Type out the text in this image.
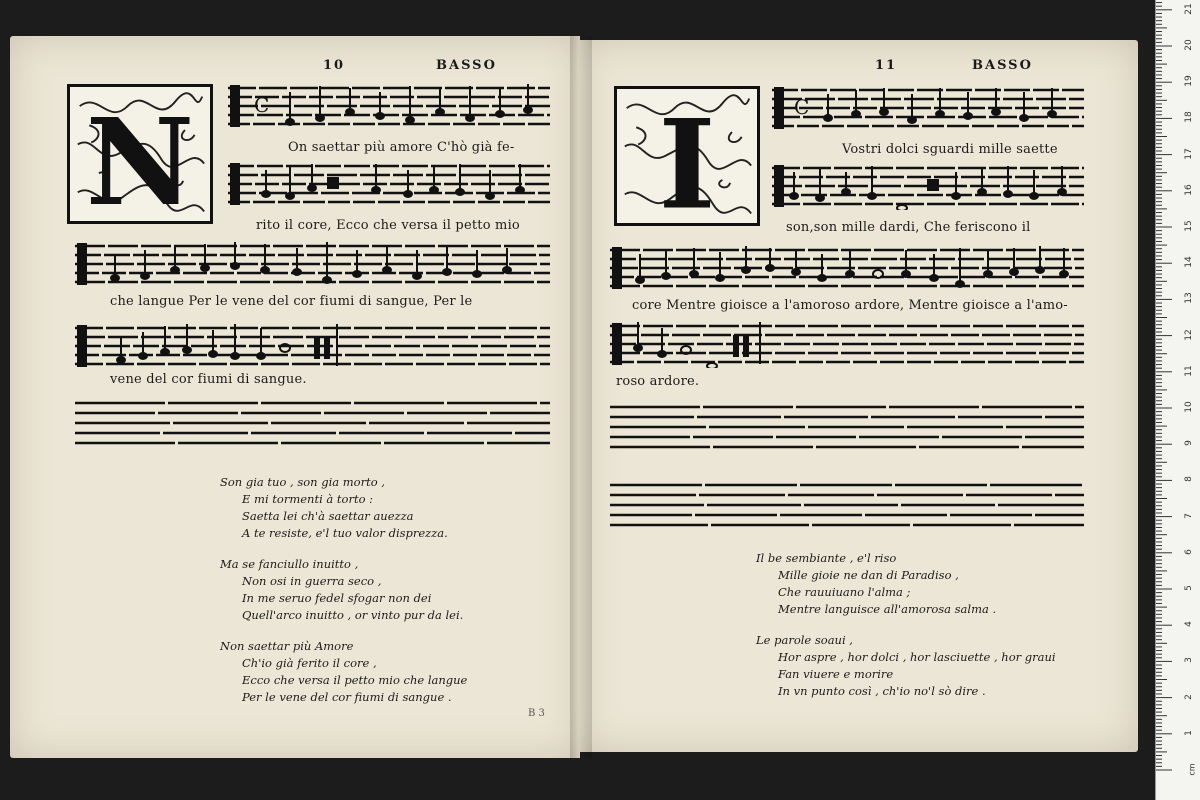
10	BASSO
N	C
On saettar più amore C'hò già fe-
rito il core, Ecco che versa il petto mio
che langue Per le vene del cor fiumi di sangue, Per le
vene del cor fiumi di sangue.
Son gia tuo , son gia morto ,
E mi tormenti à torto :
Saetta lei ch'à saettar auezza
A te resiste, e'l tuo valor disprezza.
Ma se fanciullo inuitto ,
Non osi in guerra seco ,
In me seruo fedel sfogar non dei
Quell'arco inuitto , or vinto pur da lei.
Non saettar più Amore
Ch'io già ferito il core ,
Ecco che versa il petto mio che langue
Per le vene del cor fiumi di sangue .
B 3
11	BASSO
I	C
Vostri dolci sguardi mille saette
son,son mille dardi, Che feriscono il
core Mentre gioisce a l'amoroso ardore, Mentre gioisce a l'amo-
roso ardore.
Il be sembiante , e'l riso
Mille gioie ne dan di Paradiso ,
Che rauuiuano l'alma ;
Mentre languisce all'amorosa salma .
Le parole soaui ,
Hor aspre , hor dolci , hor lasciuette , hor graui
Fan viuere e morire
In vn punto così , ch'io no'l sò dire .
1
2
3
4
5
6
7
8
9
10
11
12
13
14
15
16
17
18
19
20
21
cm
